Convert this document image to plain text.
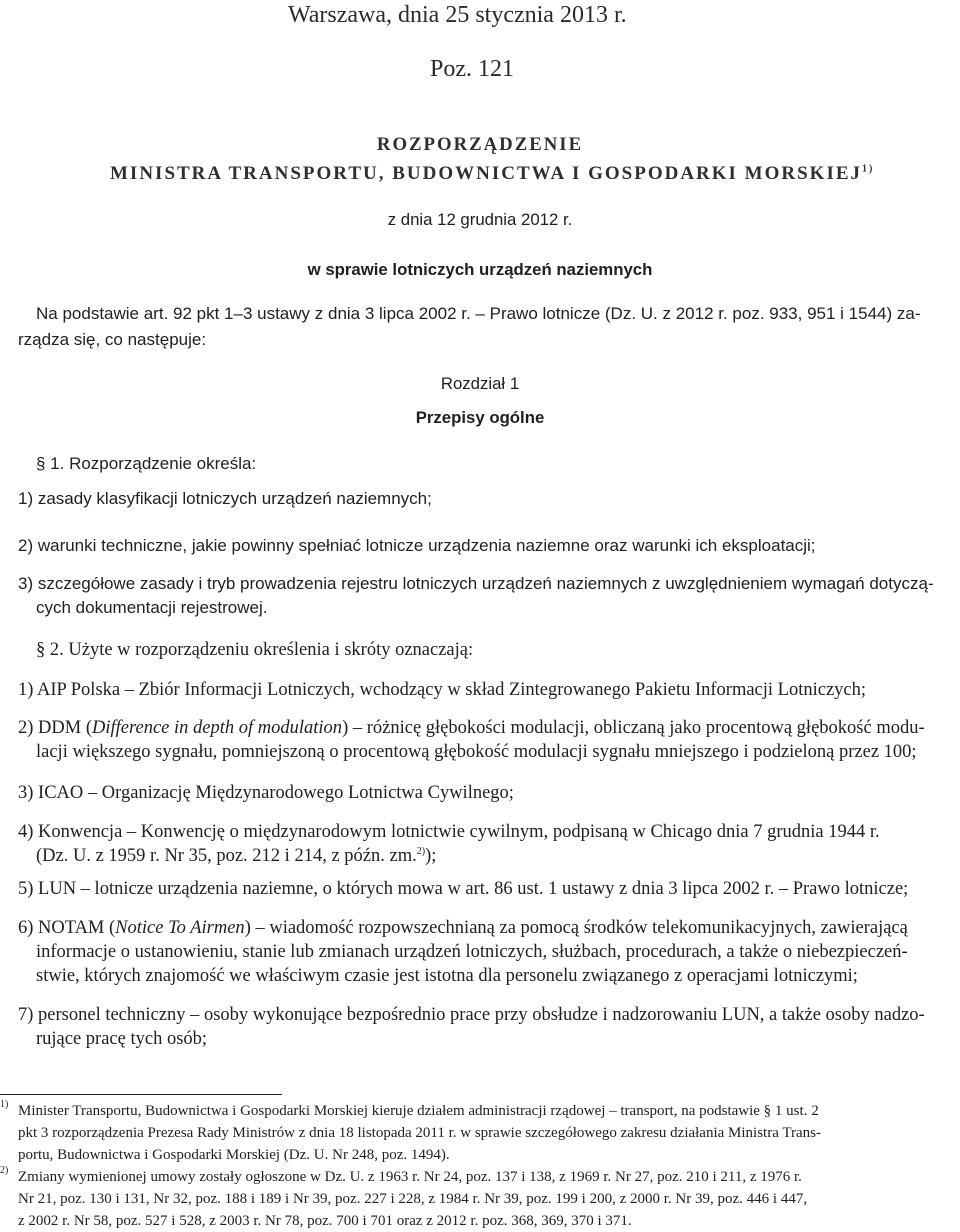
Warszawa, dnia 25 stycznia 2013 r.
Poz. 121
ROZPORZĄDZENIE
MINISTRA TRANSPORTU, BUDOWNICTWA I GOSPODARKI MORSKIEJ$^{1)}$
z dnia 12 grudnia 2012 r.
w sprawie lotniczych urządzeń naziemnych
Na podstawie art. 92 pkt 1–3 ustawy z dnia 3 lipca 2002 r. – Prawo lotnicze (Dz. U. z 2012 r. poz. 933, 951 i 1544) za-
rządza się, co następuje:
Rozdział 1
Przepisy ogólne
§ 1. Rozporządzenie określa:
1) zasady klasyfikacji lotniczych urządzeń naziemnych;
2) warunki techniczne, jakie powinny spełniać lotnicze urządzenia naziemne oraz warunki ich eksploatacji;
3) szczegółowe zasady i tryb prowadzenia rejestru lotniczych urządzeń naziemnych z uwzględnieniem wymagań dotyczą-
cych dokumentacji rejestrowej.
§ 2. Użyte w rozporządzeniu określenia i skróty oznaczają:
1) AIP Polska – Zbiór Informacji Lotniczych, wchodzący w skład Zintegrowanego Pakietu Informacji Lotniczych;
2) DDM (Difference in depth of modulation) – różnicę głębokości modulacji, obliczaną jako procentową głębokość modu-
lacji większego sygnału, pomniejszoną o procentową głębokość modulacji sygnału mniejszego i podzieloną przez 100;
3) ICAO – Organizację Międzynarodowego Lotnictwa Cywilnego;
4) Konwencja – Konwencję o międzynarodowym lotnictwie cywilnym, podpisaną w Chicago dnia 7 grudnia 1944 r.
(Dz. U. z 1959 r. Nr 35, poz. 212 i 214, z późn. zm.$^{2)}$);
5) LUN – lotnicze urządzenia naziemne, o których mowa w art. 86 ust. 1 ustawy z dnia 3 lipca 2002 r. – Prawo lotnicze;
6) NOTAM (Notice To Airmen) – wiadomość rozpowszechnianą za pomocą środków telekomunikacyjnych, zawierającą
informacje o ustanowieniu, stanie lub zmianach urządzeń lotniczych, służbach, procedurach, a także o niebezpieczeń-
stwie, których znajomość we właściwym czasie jest istotna dla personelu związanego z operacjami lotniczymi;
7) personel techniczny – osoby wykonujące bezpośrednio prace przy obsłudze i nadzorowaniu LUN, a także osoby nadzo-
rujące pracę tych osób;
$^{1)}$ Minister Transportu, Budownictwa i Gospodarki Morskiej kieruje działem administracji rządowej – transport, na podstawie § 1 ust. 2
pkt 3 rozporządzenia Prezesa Rady Ministrów z dnia 18 listopada 2011 r. w sprawie szczegółowego zakresu działania Ministra Trans-
portu, Budownictwa i Gospodarki Morskiej (Dz. U. Nr 248, poz. 1494).
$^{2)}$ Zmiany wymienionej umowy zostały ogłoszone w Dz. U. z 1963 r. Nr 24, poz. 137 i 138, z 1969 r. Nr 27, poz. 210 i 211, z 1976 r.
Nr 21, poz. 130 i 131, Nr 32, poz. 188 i 189 i Nr 39, poz. 227 i 228, z 1984 r. Nr 39, poz. 199 i 200, z 2000 r. Nr 39, poz. 446 i 447,
z 2002 r. Nr 58, poz. 527 i 528, z 2003 r. Nr 78, poz. 700 i 701 oraz z 2012 r. poz. 368, 369, 370 i 371.
